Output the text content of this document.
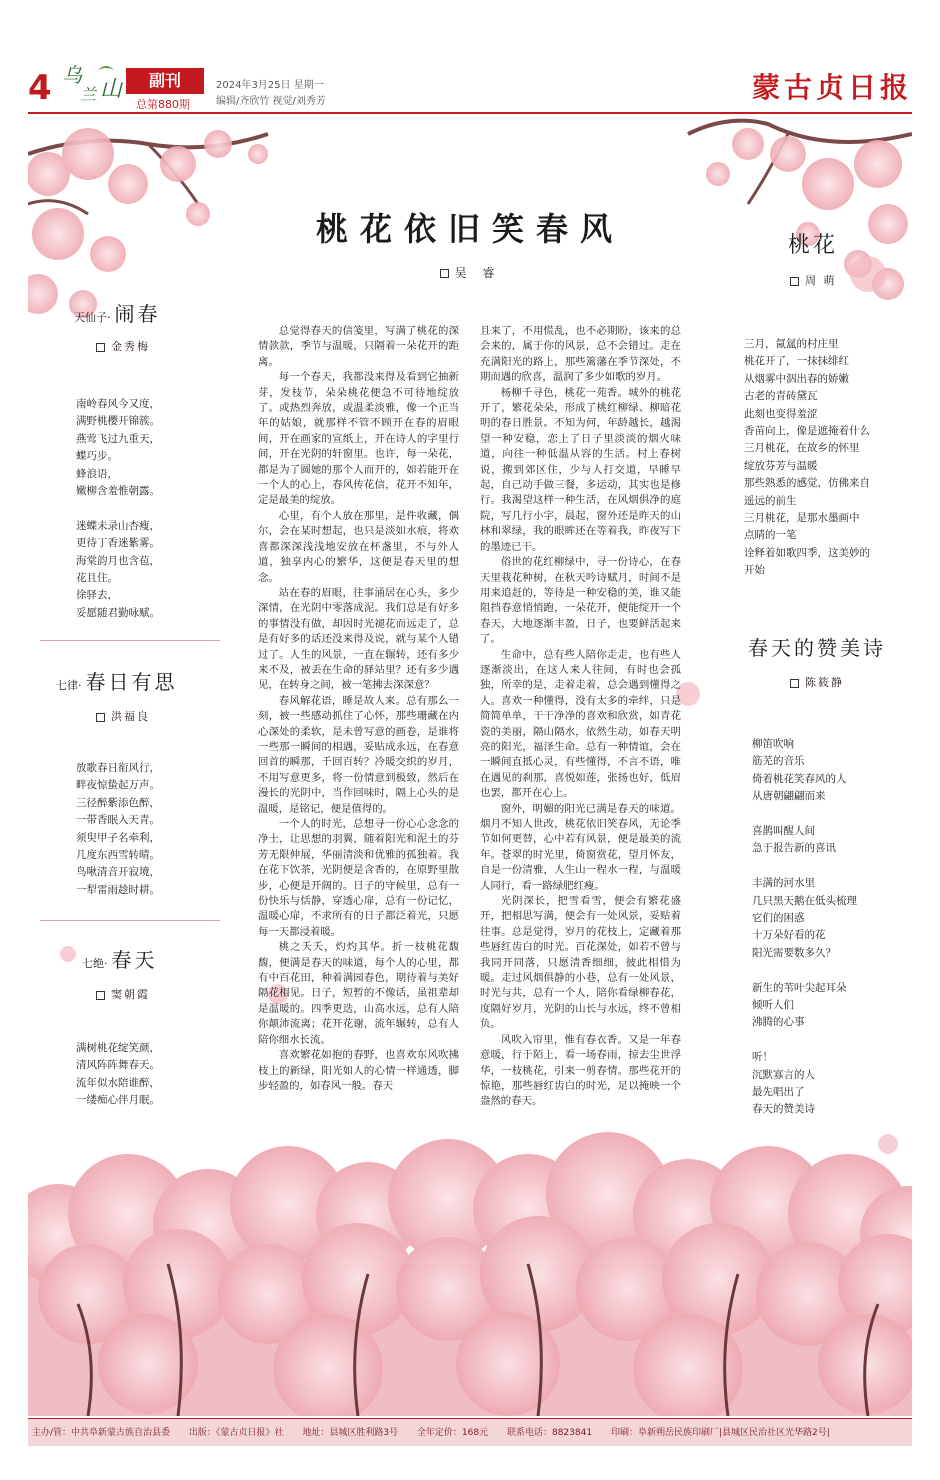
4 乌
兰 山	副刊
总第880期
2024年3月25日 星期一
编辑/齐欣竹 视觉/刘秀芳	蒙古贞日报
桃花依旧笑春风
吴 睿

总觉得春天的信笺里，写满了桃花的深情款款，季节与温暖，只隔着一朵花开的距离。

每一个春天，我都没来得及看到它抽新芽，发枝节，朵朵桃花便急不可待地绽放了。或热烈奔放，或温柔淡雅，像一个正当年的姑娘，就那样不管不顾开在春的眉眼间，开在画家的宣纸上，开在诗人的字里行间，开在光阴的轩窗里。也许，每一朵花，都是为了圆她的那个人而开的，如若能开在一个人的心上，春风传花信，花开不知年，定是最美的绽放。

心里，有个人放在那里，是件收藏，偶尔，会在某时想起，也只是淡如水痕，将欢喜都深深浅浅地安放在杯盏里，不与外人道，独享内心的繁华，这便是春天里的想念。

站在春的眉眼，往事涌居在心头，多少深情，在光阴中零落成泥。我们总是有好多的事情没有做，却因时光褪花而远走了，总是有好多的话还没来得及说，就与某个人错过了。人生的风景，一直在辗转，还有多少来不及，被丢在生命的驿站里？还有多少遇见，在转身之间，被一笔拂去深深意？

春风解花语，睡是故人来。总有那么一刻，被一些感动抓住了心怀，那些珊藏在内心深处的柔软，是未曾写意的画卷，是谁将一些那一瞬间的相遇，妥贴成永远，在春意回首的瞬那，千回百转？冷暖交织的岁月，不用写意更多，将一份情意到极致，然后在漫长的光阴中，当作回味时，隔上心头的是温暖，是铭记，便是值得的。

一个人的时光，总想寻一份心心念念的净土，让思想的羽翼，随着阳光和泥土的芬芳无限伸展，华丽清淡和优雅的孤独着。我在花下饮茶，光阴便是含香的，在原野里散步，心便是开阔的。日子的守候里，总有一份快乐与恬静，穿透心扉，总有一份记忆，温暖心扉，不求所有的日子都泛着光，只愿每一天都浸着暖。

桃之夭夭，灼灼其华。折一枝桃花馥馥，便满是春天的味道，每个人的心里，都有中百花田，种着满园春色，期待着与美好隔花相见。日子，短暂的不像话，虽祖辈却是温暖的。四季更迭，山高水远，总有人陪你颠沛流离；花开花谢，流年辗转，总有人陪你细水长流。

喜欢繁花如抱的春野，也喜欢东风吹拂枝上的新绿，阳光如人的心情一样通透，脚步轻盈的，如春风一般。春天

且来了，不用慌乱，也不必期盼，该来的总会来的，属于你的风景，总不会错过。走在充满阳光的路上，那些篱藩在季节深处，不期而遇的欣喜，温润了多少如歌的岁月。

杨柳千寻色，桃花一苑香。城外的桃花开了，繁花朵朵，形成了桃红柳绿、柳暗花明的春日胜景。不知为何，年龄越长，越渴望一种安稳，恋上了日子里淡淡的烟火味道，向往一种低温从容的生活。村上春树说，搬到郊区住，少与人打交道，早睡早起，自己动手做三餐，多运动，其实也是修行。我渴望这样一种生活，在风烟俱净的庭院，写几行小字，晨起，窗外还是昨天的山林和翠绿，我的眼眸还在等着我，昨夜写下的墨迹已干。

俗世的花红柳绿中，寻一份诗心，在春天里栽花种树，在秋天吟诗赋月，时间不是用来追赶的，等待是一种安稳的美，谁又能阻挡春意悄悄跑，一朵花开，便能绽开一个春天，大地逐渐丰盈，日子，也要鲜活起来了。

生命中，总有些人陪你走走，也有些人逐渐淡出，在这人来人往间，有时也会孤独，所幸的是，走着走着，总会遇到懂得之人。喜欢一种懂得，没有太多的牵绊，只是简简单单，干干净净的喜欢和欣赏，如青花瓷的美丽，隔山隔水，依然生动，如春天明亮的阳光，福泽生命。总有一种情谊，会在一瞬间直抵心灵，有些懂得，不言不语，唯在遇见的刹那，喜悦如莲，张扬也好，低眉也罢，都开在心上。

窗外，明媚的阳光已满是春天的味道。烟月不知人世改，桃花依旧笑春风，无论季节如何更替，心中若有风景，便是最美的流年。苍翠的时光里，倚窗赏花，望月怀友，自是一份清雅，人生山一程水一程，与温暖人同行，看一路绿肥红瘦。

光阴深长，把雪看雪，便会有繁花盛开，把相思写满，便会有一处风景，妥贴着往事。总是觉得，岁月的花枝上，定藏着那些唇红齿白的时光。百花深处，如若不曾与我同开同落，只愿清香细细，彼此相惜为暖。走过风烟俱静的小巷，总有一处风景，时光与共，总有一个人，陪你看绿柳春花，度隔好岁月，光阴的山长与水远，终不曾相负。

风吹入帘里，惟有春衣香。又是一年春意暖，行于陌上，看一场春雨，掠去尘世浮华，一枝桃花，引来一剪春情。那些花开的惊艳，那些唇红齿白的时光，足以掩映一个盎然的春天。

天仙子· 闹春
金秀梅
南岭春风今又度，
满野桃樱开锦簇。
燕莺飞过九重天，
蝶巧步。
蜂浪语，
嫩柳含羞惟朝露。
迷蝶未录山杏瘦，
更待丁香迷紫雾。
海棠韵月也含苞，
花且住。
徐驿去，
妥愿随君勤咏赋。
七律· 春日有思
洪福良
放歌春日衔风行，
畔夜惊蛰起万声。
三径醉紫添色醉，
一带香眠入天青。
须臾甲子名牵利，
几度东西雪转晴。
鸟啾清音开寂境，
一犁雷雨趁时耕。
七绝· 春天
窦朝霞
满树桃花绽笑颜，
清风阵阵舞春天。
流年似水陪谁醉，
一缕痴心伴月眠。
桃花
周 萌
三月，氤氲的村庄里
桃花开了，一抹抹绯红
从烟雾中泅出春的娇嫩
古老的青砖黛瓦
此刻也变得羞涩
香苗向上，像是遮掩着什么
三月桃花，在故乡的怀里
绽放芬芳与温暖
那些熟悉的感觉，仿佛来自
遥远的前生
三月桃花，是那水墨画中
点睛的一笔
诠释着如歌四季，这美妙的
开始
春天的赞美诗
陈筱静
柳笛吹响
筋芜的音乐
倚着桃花笑春风的人
从唐朝翩翩而来
喜鹊叫醒人间
急于报告新的喜讯
丰满的河水里
几只黑天鹅在低头梳理
它们的困惑
十万朵好看的花
阳光需要数多久？
新生的苇叶尖起耳朵
倾听人们
沸腾的心事
听！
沉默寡言的人
最先唱出了
春天的赞美诗
主办/管：中共阜新蒙古族自治县委 出版：《蒙古贞日报》社 地址：县城区胜利路3号 全年定价：168元 联系电话：8823841 印刷：阜新朔岳民族印刷厂|县城区民治社区光华路2号|
